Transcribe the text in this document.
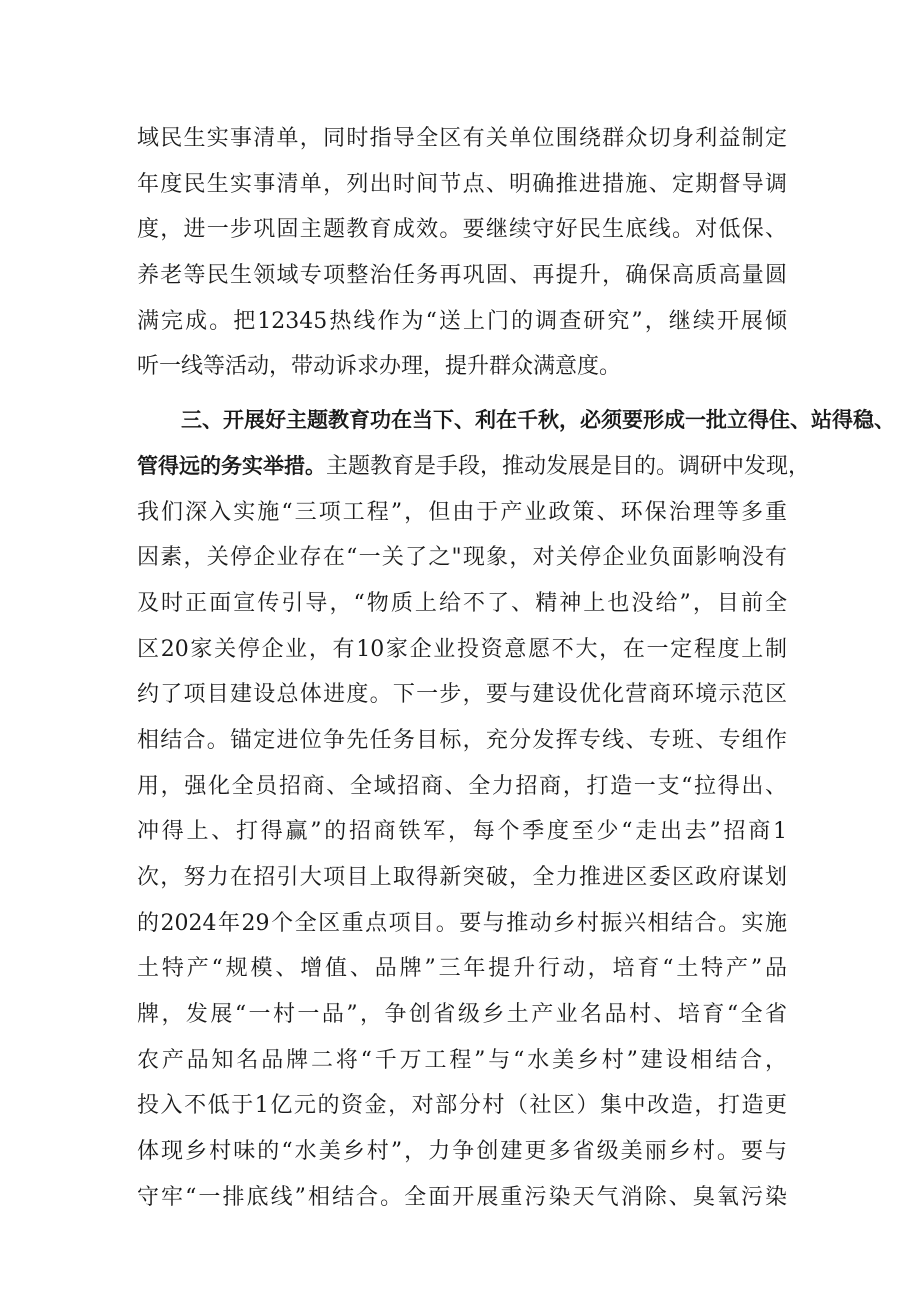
域民生实事清单，同时指导全区有关单位围绕群众切身利益制定
年度民生实事清单，列出时间节点、明确推进措施、定期督导调
度，进一步巩固主题教育成效。要继续守好民生底线。对低保、
养老等民生领域专项整治任务再巩固、再提升，确保高质高量圆
满完成。把12345热线作为“送上门的调查研究”，继续开展倾
听一线等活动，带动诉求办理，提升群众满意度。
三、开展好主题教育功在当下、利在千秋，必须要形成一批立得住、站得稳、
管得远的务实举措。主题教育是手段，推动发展是目的。调研中发现，
我们深入实施“三项工程”，但由于产业政策、环保治理等多重
因素，关停企业存在“一关了之"现象，对关停企业负面影响没有
及时正面宣传引导，“物质上给不了、精神上也没给”，目前全
区20家关停企业，有10家企业投资意愿不大，在一定程度上制
约了项目建设总体进度。下一步，要与建设优化营商环境示范区
相结合。锚定进位争先任务目标，充分发挥专线、专班、专组作
用，强化全员招商、全域招商、全力招商，打造一支“拉得出、
冲得上、打得赢”的招商铁军，每个季度至少“走出去”招商1
次，努力在招引大项目上取得新突破，全力推进区委区政府谋划
的2024年29个全区重点项目。要与推动乡村振兴相结合。实施
土特产“规模、增值、品牌”三年提升行动，培育“土特产”品
牌，发展“一村一品”，争创省级乡土产业名品村、培育“全省
农产品知名品牌二将“千万工程”与“水美乡村”建设相结合，
投入不低于1亿元的资金，对部分村（社区）集中改造，打造更
体现乡村味的“水美乡村”，力争创建更多省级美丽乡村。要与
守牢“一排底线”相结合。全面开展重污染天气消除、臭氧污染
